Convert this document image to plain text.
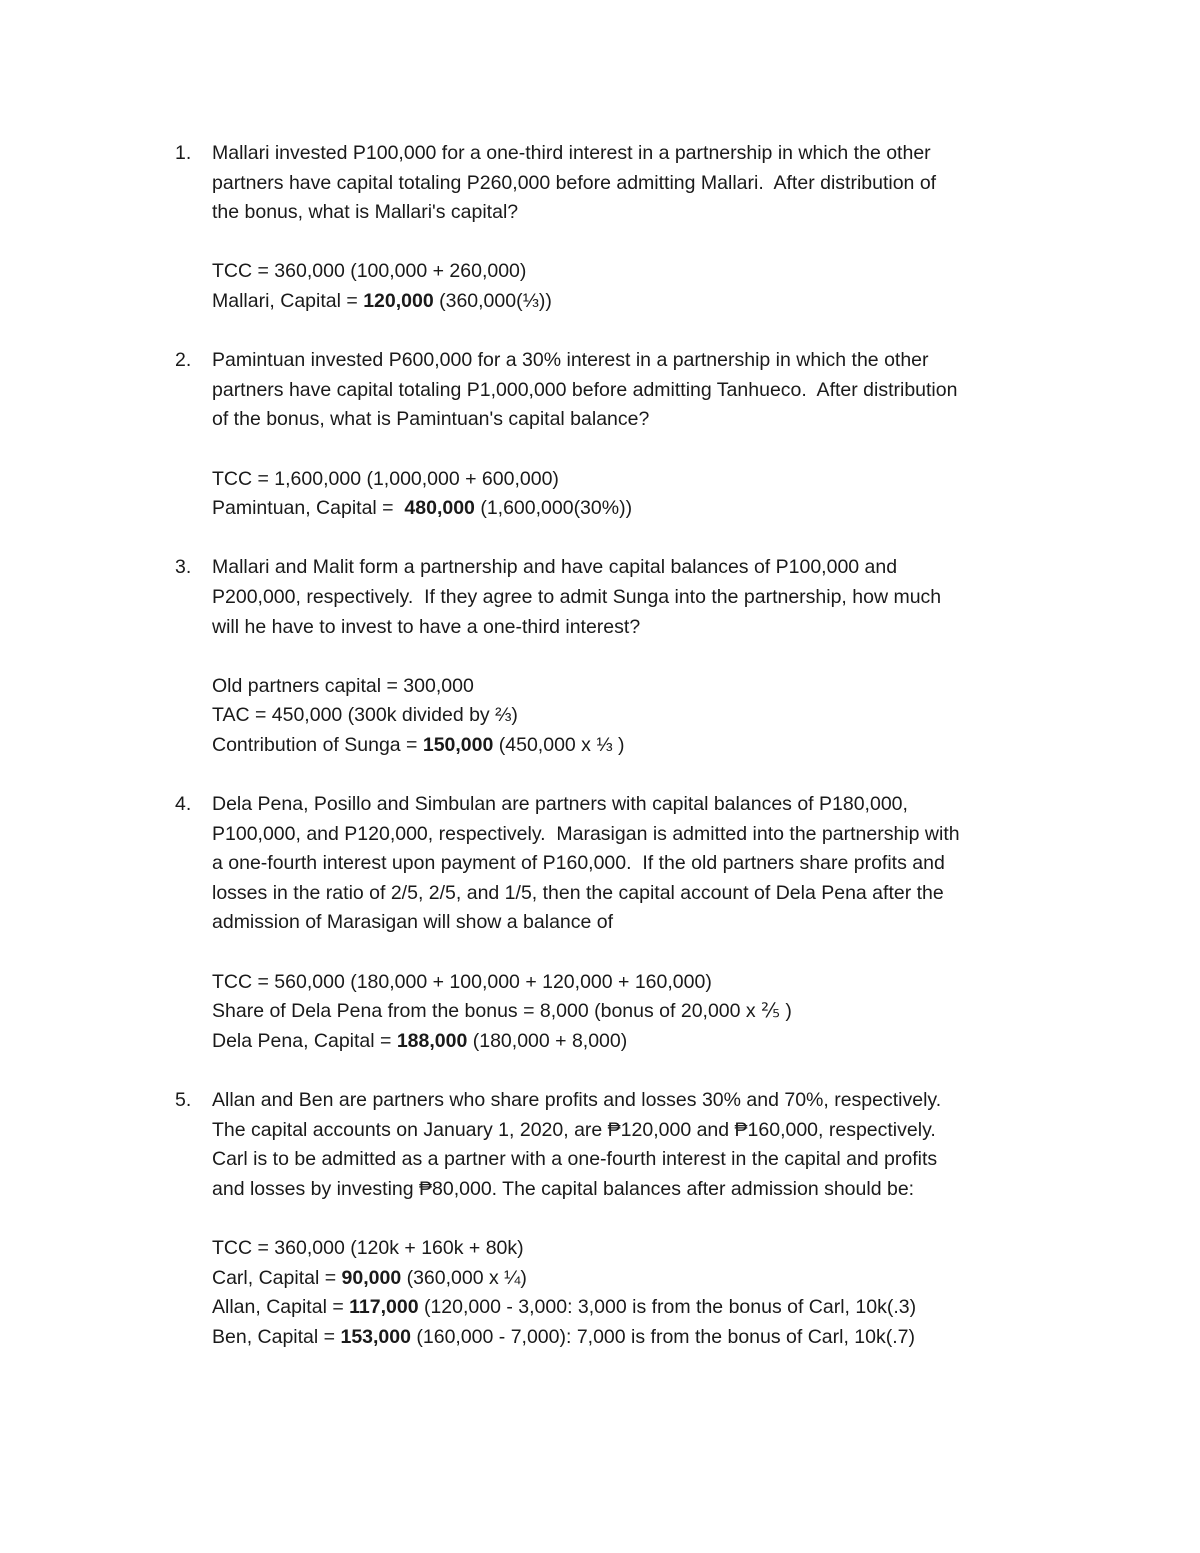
1.	Mallari invested P100,000 for a one-third interest in a partnership in which the other
partners have capital totaling P260,000 before admitting Mallari.  After distribution of
the bonus, what is Mallari's capital?
TCC = 360,000 (100,000 + 260,000)
Mallari, Capital = 120,000 (360,000(⅓))
2.	Pamintuan invested P600,000 for a 30% interest in a partnership in which the other
partners have capital totaling P1,000,000 before admitting Tanhueco.  After distribution
of the bonus, what is Pamintuan's capital balance?
TCC = 1,600,000 (1,000,000 + 600,000)
Pamintuan, Capital =  480,000 (1,600,000(30%))
3.	Mallari and Malit form a partnership and have capital balances of P100,000 and
P200,000, respectively.  If they agree to admit Sunga into the partnership, how much
will he have to invest to have a one-third interest?
Old partners capital = 300,000
TAC = 450,000 (300k divided by ⅔)
Contribution of Sunga = 150,000 (450,000 x ⅓ )
4.	Dela Pena, Posillo and Simbulan are partners with capital balances of P180,000,
P100,000, and P120,000, respectively.  Marasigan is admitted into the partnership with
a one-fourth interest upon payment of P160,000.  If the old partners share profits and
losses in the ratio of 2/5, 2/5, and 1/5, then the capital account of Dela Pena after the
admission of Marasigan will show a balance of
TCC = 560,000 (180,000 + 100,000 + 120,000 + 160,000)
Share of Dela Pena from the bonus = 8,000 (bonus of 20,000 x ⅖ )
Dela Pena, Capital = 188,000 (180,000 + 8,000)
5.	Allan and Ben are partners who share profits and losses 30% and 70%, respectively.
The capital accounts on January 1, 2020, are ₱120,000 and ₱160,000, respectively.
Carl is to be admitted as a partner with a one-fourth interest in the capital and profits
and losses by investing ₱80,000. The capital balances after admission should be:
TCC = 360,000 (120k + 160k + 80k)
Carl, Capital = 90,000 (360,000 x ¼)
Allan, Capital = 117,000 (120,000 - 3,000: 3,000 is from the bonus of Carl, 10k(.3)
Ben, Capital = 153,000 (160,000 - 7,000): 7,000 is from the bonus of Carl, 10k(.7)
